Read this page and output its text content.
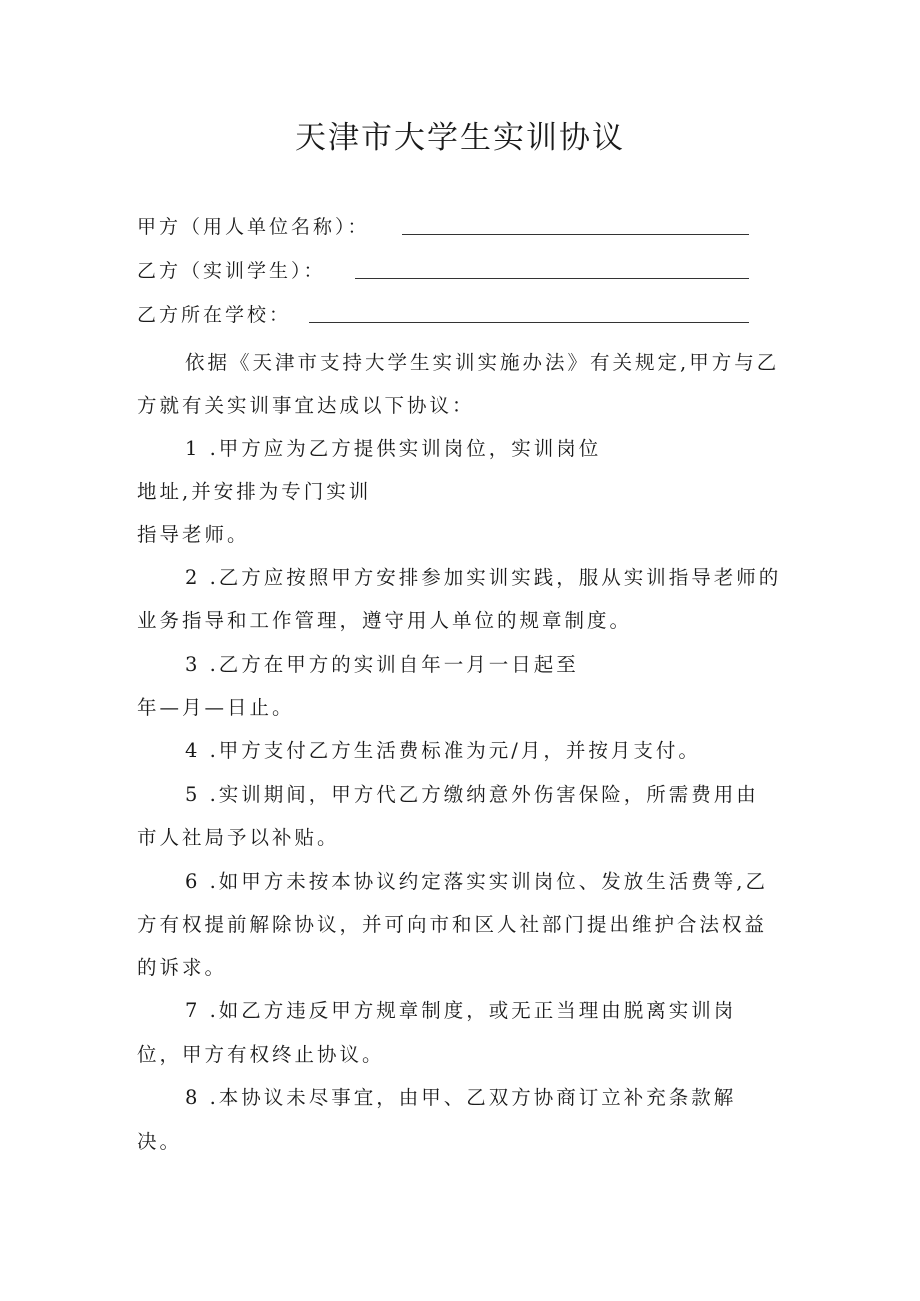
天津市大学生实训协议
甲方（用人单位名称）：
乙方（实训学生）：
乙方所在学校：
依据《天津市支持大学生实训实施办法》有关规定,甲方与乙
方就有关实训事宜达成以下协议：
1 .甲方应为乙方提供实训岗位，实训岗位
地址,并安排为专门实训
指导老师。
2 .乙方应按照甲方安排参加实训实践，服从实训指导老师的
业务指导和工作管理，遵守用人单位的规章制度。
3 .乙方在甲方的实训自年一月一日起至
年—月—日止。
4 .甲方支付乙方生活费标准为元/月，并按月支付。
5 .实训期间，甲方代乙方缴纳意外伤害保险，所需费用由
市人社局予以补贴。
6 .如甲方未按本协议约定落实实训岗位、发放生活费等,乙
方有权提前解除协议，并可向市和区人社部门提出维护合法权益
的诉求。
7 .如乙方违反甲方规章制度，或无正当理由脱离实训岗
位，甲方有权终止协议。
8 .本协议未尽事宜，由甲、乙双方协商订立补充条款解
决。
